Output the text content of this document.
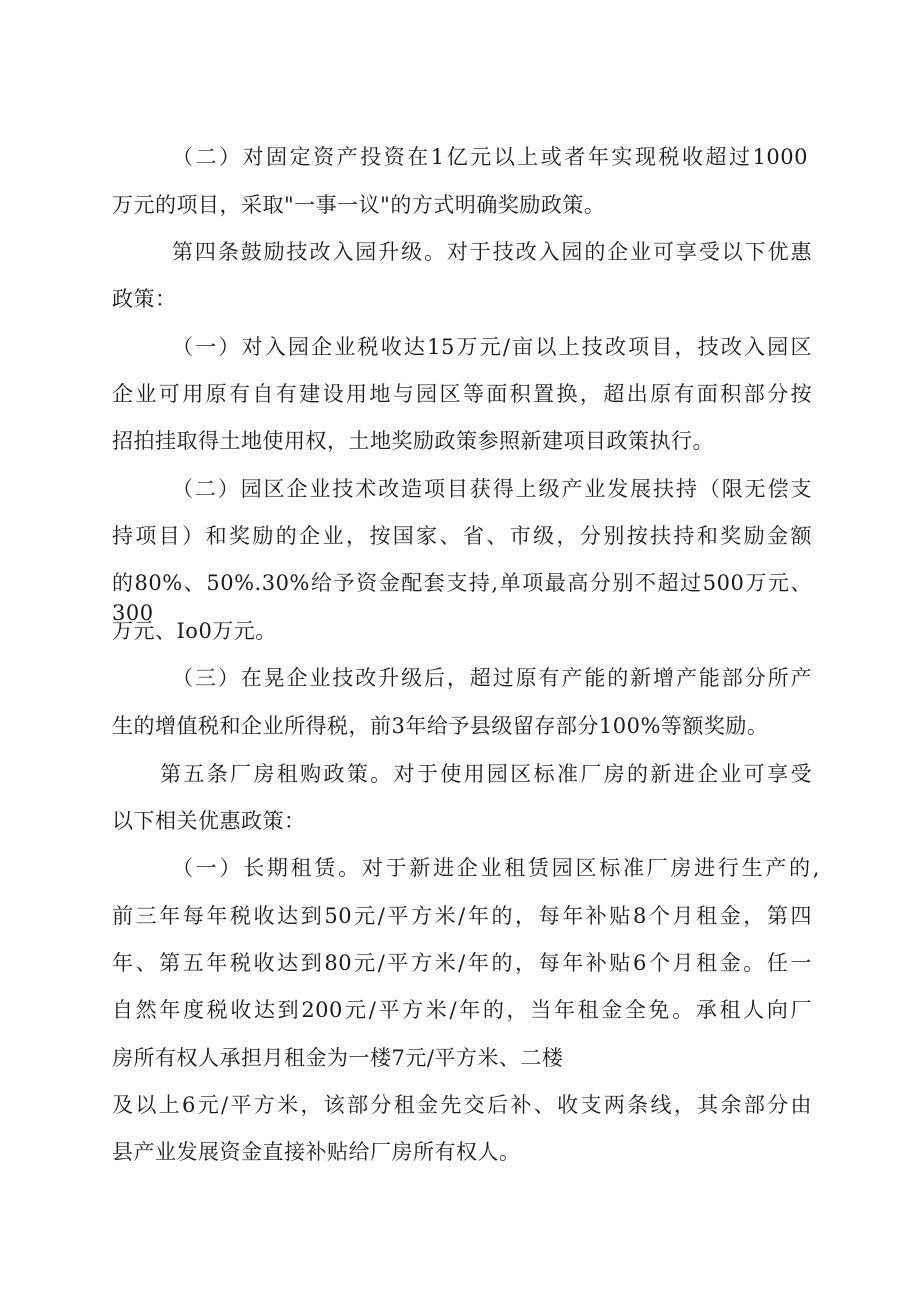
（二）对固定资产投资在1亿元以上或者年实现税收超过1000
万元的项目，采取"一事一议"的方式明确奖励政策。
第四条鼓励技改入园升级。对于技改入园的企业可享受以下优惠
政策：
（一）对入园企业税收达15万元/亩以上技改项目，技改入园区
企业可用原有自有建设用地与园区等面积置换，超出原有面积部分按
招拍挂取得土地使用权，土地奖励政策参照新建项目政策执行。
（二）园区企业技术改造项目获得上级产业发展扶持（限无偿支
持项目）和奖励的企业，按国家、省、市级，分别按扶持和奖励金额
的80%、50%.30%给予资金配套支持,单项最高分别不超过500万元、300
万元、Io0万元。
（三）在晃企业技改升级后，超过原有产能的新增产能部分所产
生的增值税和企业所得税，前3年给予县级留存部分100%等额奖励。
第五条厂房租购政策。对于使用园区标准厂房的新进企业可享受
以下相关优惠政策：
（一）长期租赁。对于新进企业租赁园区标准厂房进行生产的,
前三年每年税收达到50元/平方米/年的，每年补贴8个月租金，第四
年、第五年税收达到80元/平方米/年的，每年补贴6个月租金。任一
自然年度税收达到200元/平方米/年的，当年租金全免。承租人向厂
房所有权人承担月租金为一楼7元/平方米、二楼
及以上6元/平方米，该部分租金先交后补、收支两条线，其余部分由
县产业发展资金直接补贴给厂房所有权人。
